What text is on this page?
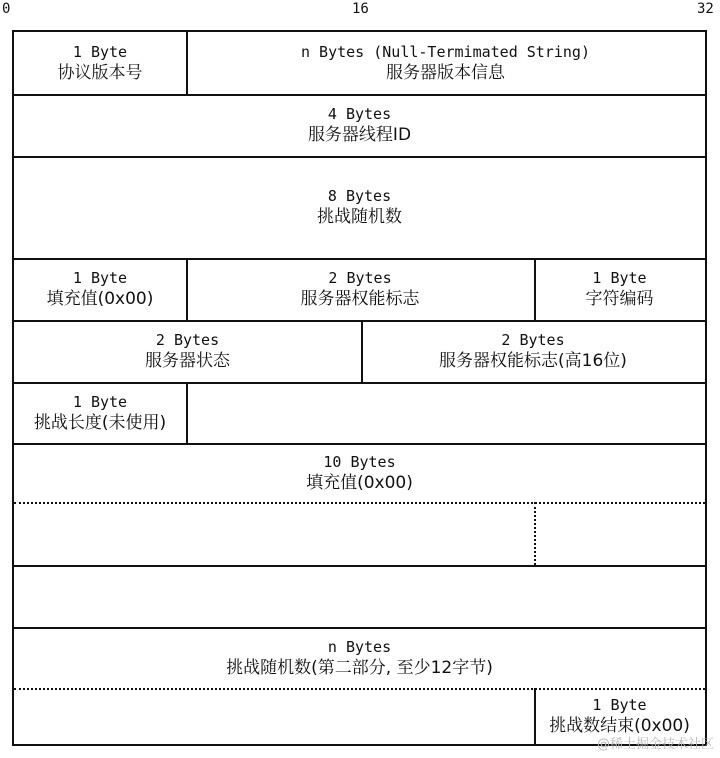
0	16	32
1 Byte
协议版本号
n Bytes (Null-Termimated String)
服务器版本信息
4 Bytes
服务器线程ID
8 Bytes
挑战随机数
1 Byte
填充值(0x00)
2 Bytes
服务器权能标志
1 Byte
字符编码
2 Bytes
服务器状态
2 Bytes
服务器权能标志(高16位)
1 Byte
挑战长度(未使用)
10 Bytes
填充值(0x00)
n Bytes
挑战随机数(第二部分, 至少12字节)
1 Byte
挑战数结束(0x00)
@稀土掘金技术社区
